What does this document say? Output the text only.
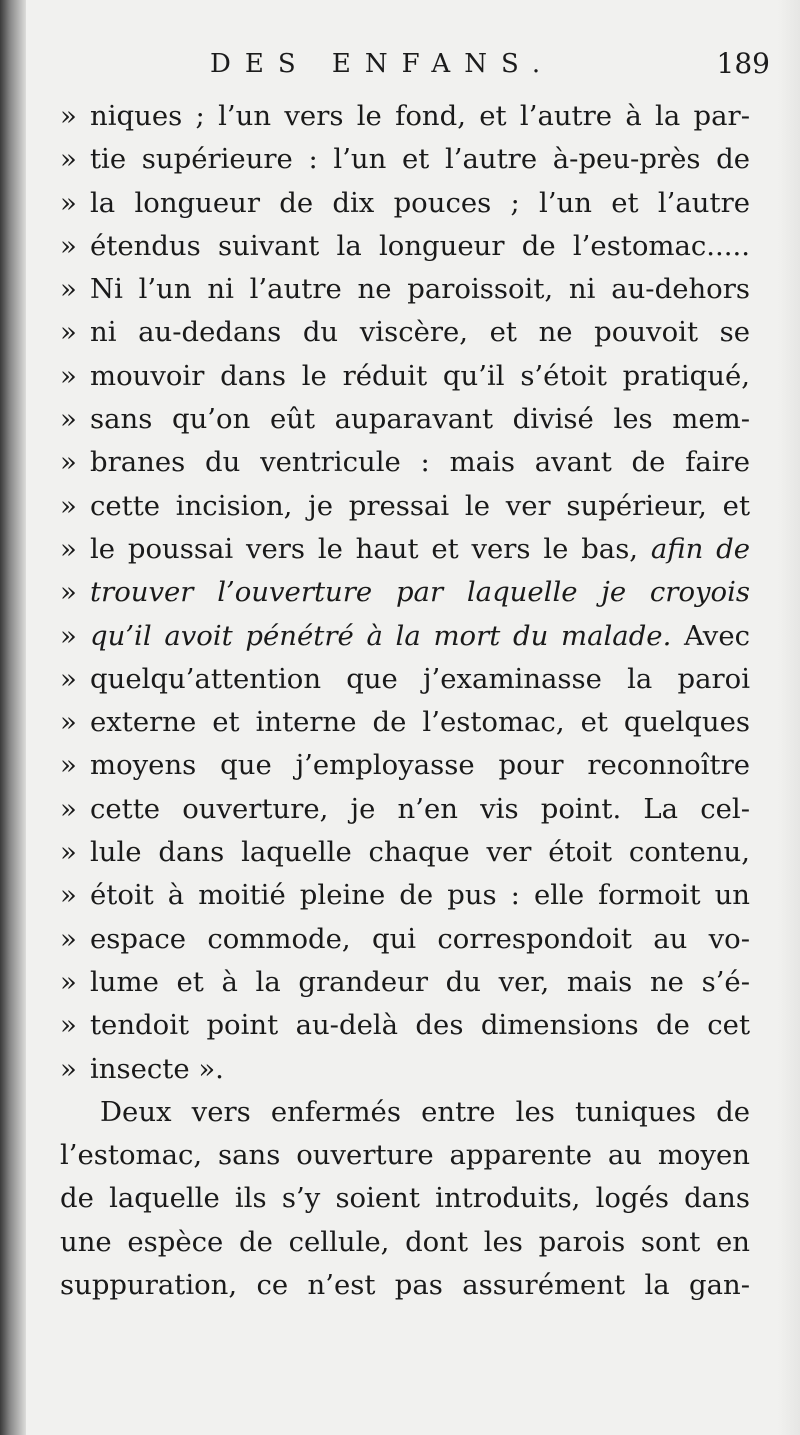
DES ENFANS.	189
» niques ; l’un vers le fond, et l’autre à la par-
» tie supérieure : l’un et l’autre à-peu-près de
» la longueur de dix pouces ; l’un et l’autre
» étendus suivant la longueur de l’estomac.....
» Ni l’un ni l’autre ne paroissoit, ni au-dehors
» ni au-dedans du viscère, et ne pouvoit se
» mouvoir dans le réduit qu’il s’étoit pratiqué,
» sans qu’on eût auparavant divisé les mem-
» branes du ventricule : mais avant de faire
» cette incision, je pressai le ver supérieur, et
» le poussai vers le haut et vers le bas, afin de
» trouver l’ouverture par laquelle je croyois
» qu’il avoit pénétré à la mort du malade. Avec
» quelqu’attention que j’examinasse la paroi
» externe et interne de l’estomac, et quelques
» moyens que j’employasse pour reconnoître
» cette ouverture, je n’en vis point. La cel-
» lule dans laquelle chaque ver étoit contenu,
» étoit à moitié pleine de pus : elle formoit un
» espace commode, qui correspondoit au vo-
» lume et à la grandeur du ver, mais ne s’é-
» tendoit point au-delà des dimensions de cet
» insecte ».
Deux vers enfermés entre les tuniques de
l’estomac, sans ouverture apparente au moyen
de laquelle ils s’y soient introduits, logés dans
une espèce de cellule, dont les parois sont en
suppuration, ce n’est pas assurément la gan-
